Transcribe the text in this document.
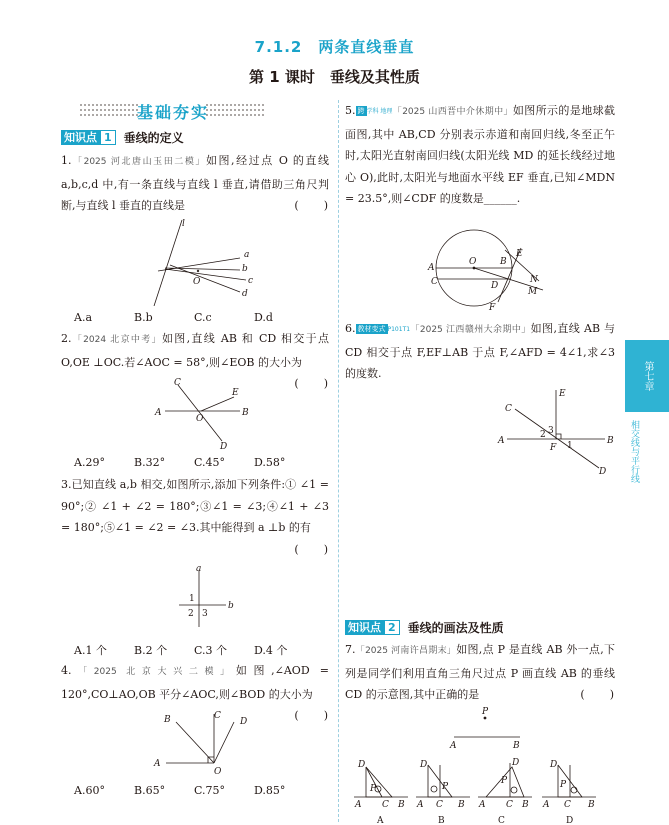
7.1.2　两条直线垂直
第 1 课时　垂线及其性质
基础夯实
知识点 1	垂线的定义
1.「2025 河北唐山玉田二模」如图,经过点 O 的直线 a,b,c,d 中,有一条直线与直线 l 垂直,请借助三角尺判断,与直线 l 垂直的直线是	(　　)
l
a
b
c
d
O
A.a	B.b	C.c	D.d
2.「2024 北京中考」如图,直线 AB 和 CD 相交于点 O,OE ⊥OC.若∠AOC = 58°,则∠EOB 的大小为
(　　)
A	B
C
D
E
O
A.29°	B.32°	C.45°	D.58°
3.已知直线 a,b 相交,如图所示,添加下列条件:① ∠1 = 90°;② ∠1 + ∠2 = 180°;③∠1 = ∠3;④∠1 + ∠3 = 180°;⑤∠1 = ∠2 = ∠3.其中能得到 a ⊥b 的有
(　　)
a
b
1
2 3
A.1 个	B.2 个	C.3 个	D.4 个
4.「2025 北京大兴二模」如图,∠AOD = 120°,CO⊥AO,OB 平分∠AOC,则∠BOD 的大小为
(　　)
A
B	C
D
O
A.60°	B.65°	C.75°	D.85°
5. 跨 学科 地理「2025 山西晋中介休期中」如图所示的是地球截面图,其中 AB,CD 分别表示赤道和南回归线,冬至正午时,太阳光直射南回归线(太阳光线 MD 的延长线经过地心 O),此时,太阳光与地面水平线 EF 垂直,已知∠MDN = 23.5°,则∠CDF 的度数是______.
A
B
C	D
E
F
O
N
M
6. 教材变式 P101T1「2025 江西赣州大余期中」如图,直线 AB 与 CD 相交于点 F,EF⊥AB 于点 F,∠AFD = 4∠1,求∠3 的度数.
A	B
C
D
E
F 1
2 3
知识点 2	垂线的画法及性质
7.「2025 河南许昌期末」如图,点 P 是直线 AB 外一点,下列是同学们利用直角三角尺过点 P 画直线 AB 的垂线 CD 的示意图,其中正确的是	(　　)
P
A	B
D
P
A C B
A
D
P
A C B
B
D
P
A C B
C
D
P
A C B
D
第七章
相交线与平行线
